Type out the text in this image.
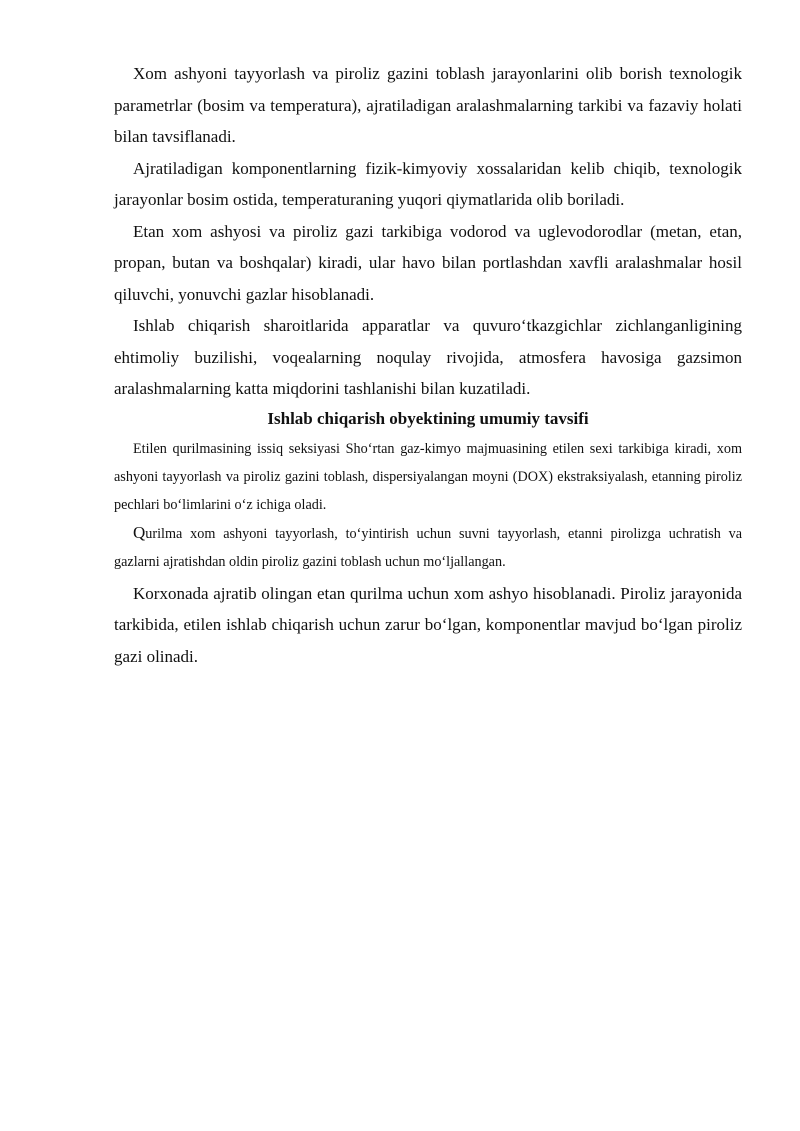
Xom ashyoni tayyorlash va piroliz gazini toblash jarayonlarini olib borish texnologik parametrlar (bosim va temperatura), ajratiladigan aralashmalarning tarkibi va fazaviy holati bilan tavsiflanadi.

Ajratiladigan komponentlarning fizik-kimyoviy xossalaridan kelib chiqib, texnologik jarayonlar bosim ostida, temperaturaning yuqori qiymatlarida olib boriladi.

Etan xom ashyosi va piroliz gazi tarkibiga vodorod va uglevodorodlar (metan, etan, propan, butan va boshqalar) kiradi, ular havo bilan portlashdan xavfli aralashmalar hosil qiluvchi, yonuvchi gazlar hisoblanadi.

Ishlab chiqarish sharoitlarida apparatlar va quvuro‘tkazgichlar zichlanganligining ehtimoliy buzilishi, voqealarning noqulay rivojida, atmosfera havosiga gazsimon aralashmalarning katta miqdorini tashlanishi bilan kuzatiladi.

Ishlab chiqarish obyektining umumiy tavsifi

Etilen qurilmasining issiq seksiyasi Sho‘rtan gaz-kimyo majmuasining etilen sexi tarkibiga kiradi, xom ashyoni tayyorlash va piroliz gazini toblash, dispersiyalangan moyni (DOX) ekstraksiyalash, etanning piroliz pechlari bo‘limlarini o‘z ichiga oladi.

Qurilma xom ashyoni tayyorlash, to‘yintirish uchun suvni tayyorlash, etanni pirolizga uchratish va gazlarni ajratishdan oldin piroliz gazini toblash uchun mo‘ljallangan.

Korxonada ajratib olingan etan qurilma uchun xom ashyo hisoblanadi. Piroliz jarayonida tarkibida, etilen ishlab chiqarish uchun zarur bo‘lgan, komponentlar mavjud bo‘lgan piroliz gazi olinadi.
